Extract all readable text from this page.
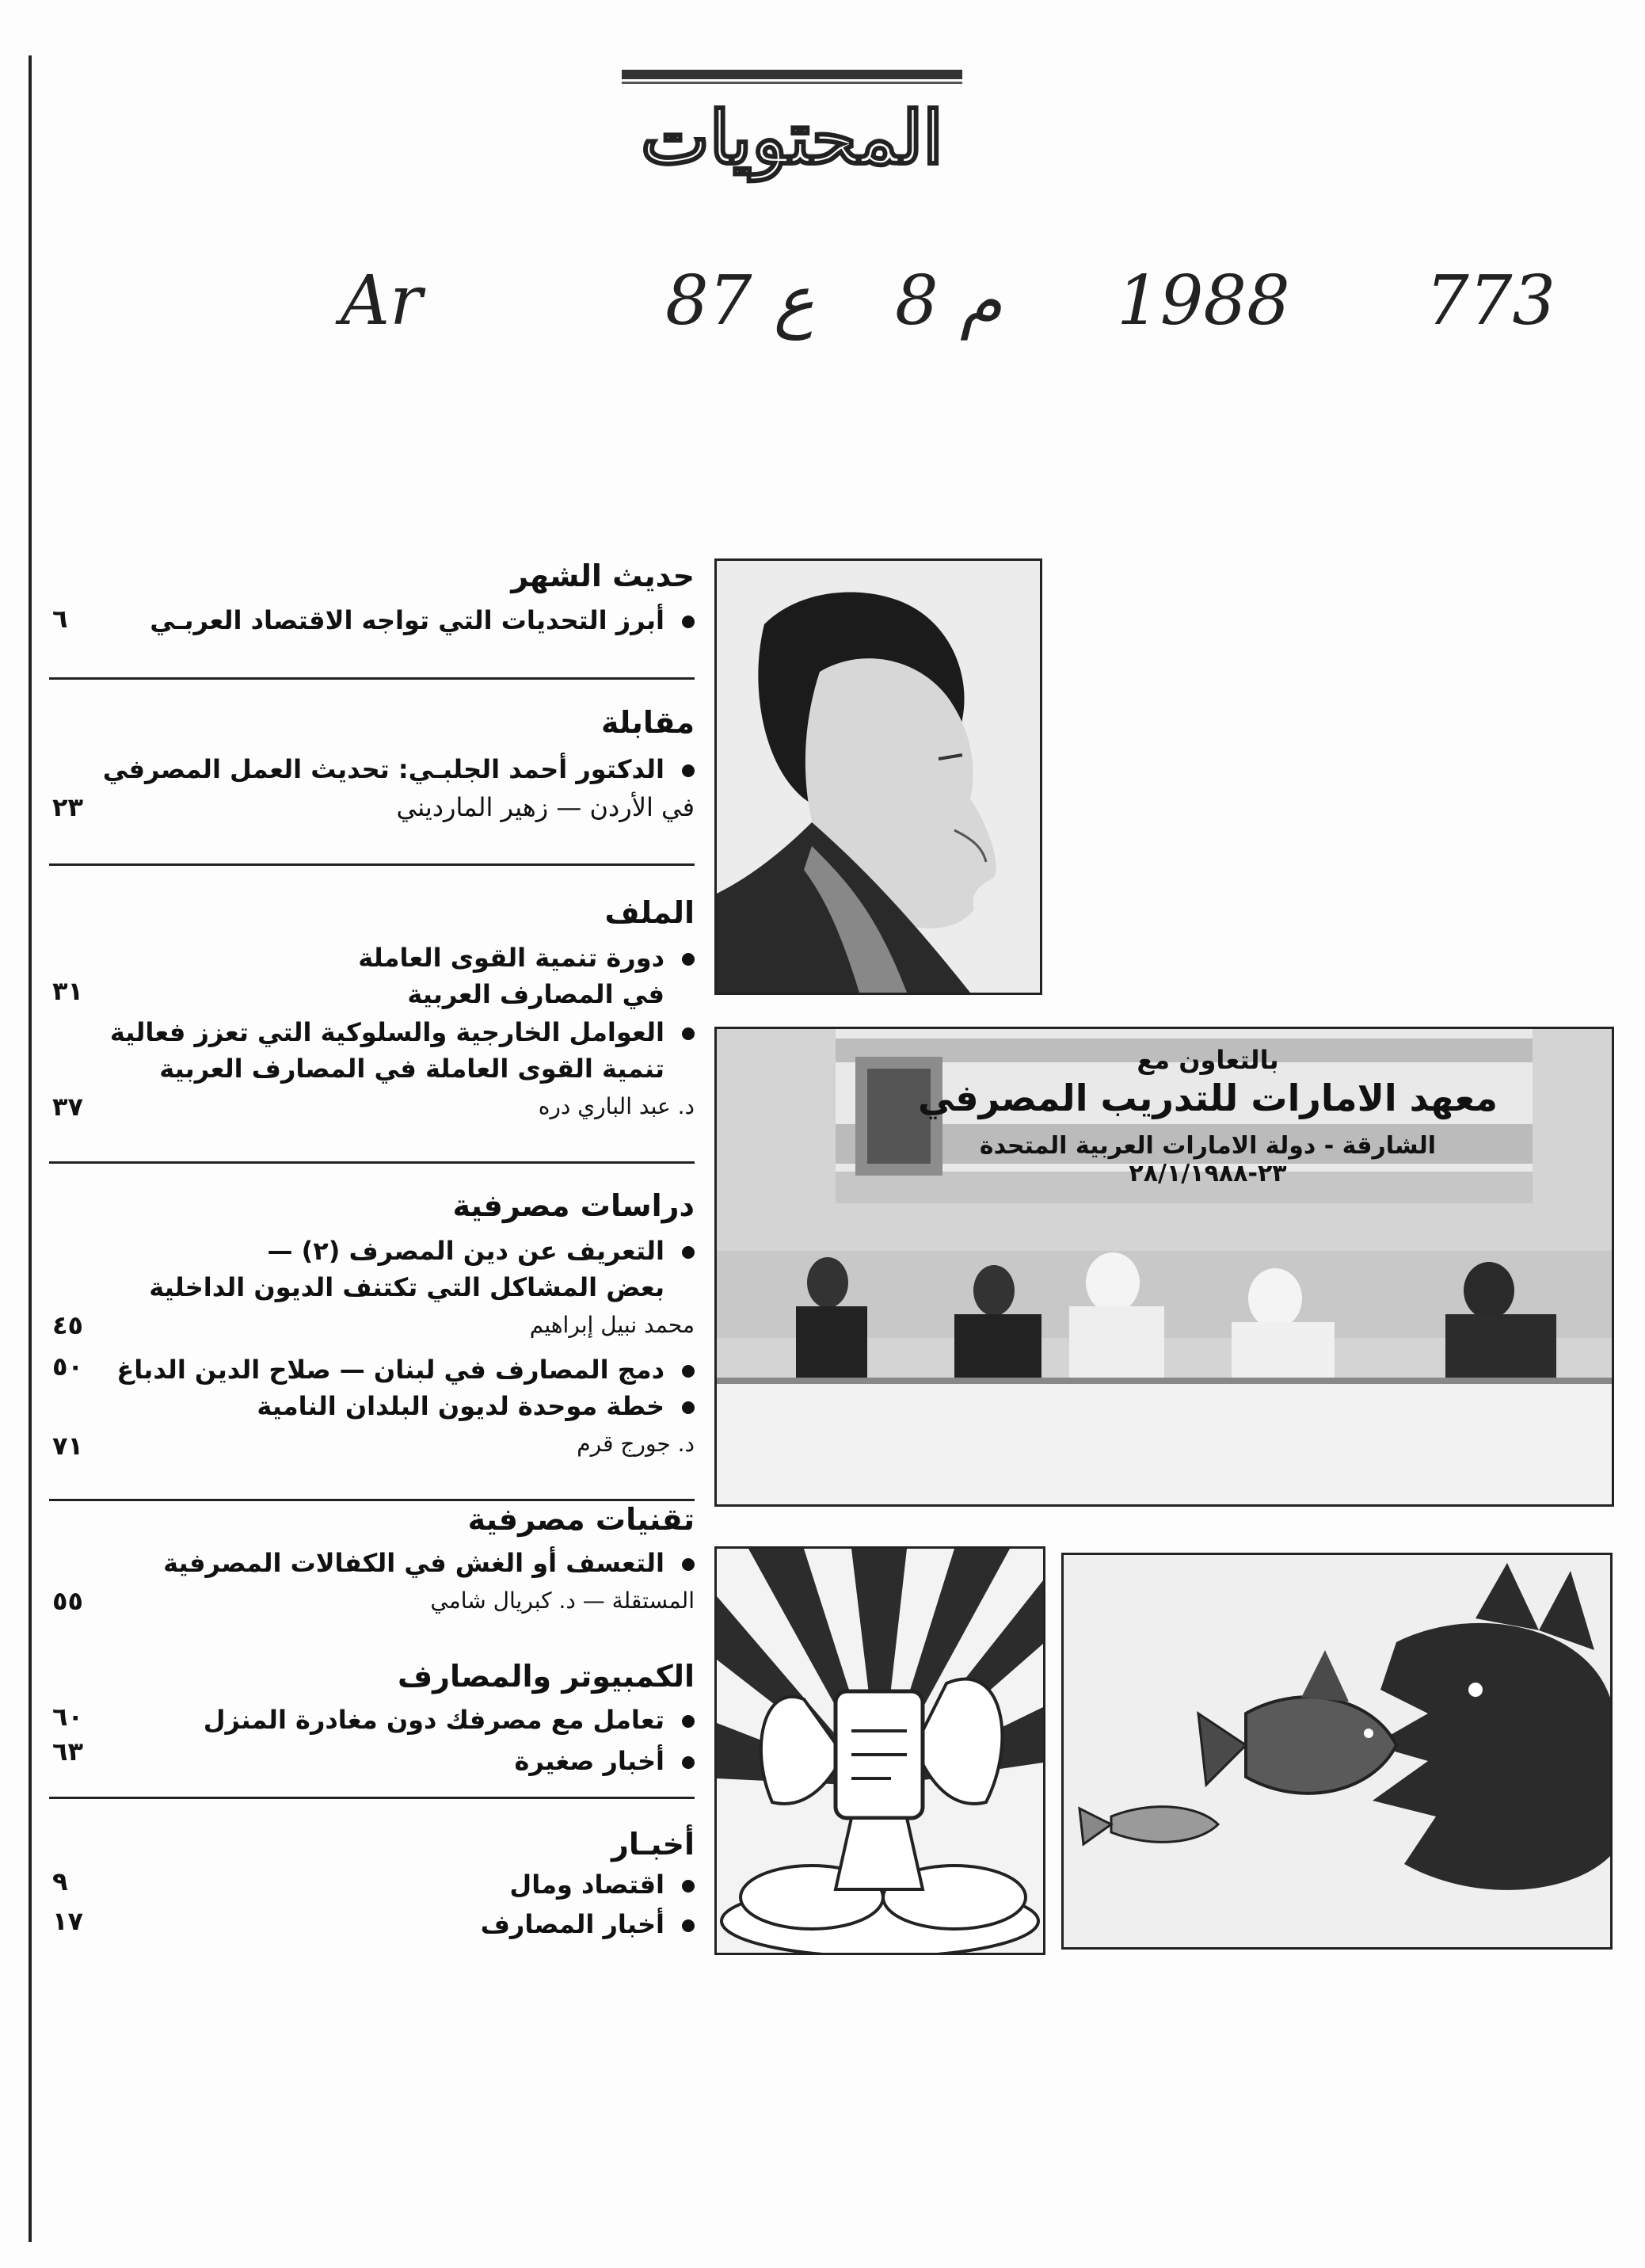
المحتويات
Ar	87 ع 8 م 1988 773
حديث الشهر
أبرز التحديات التي تواجه الاقتصاد العربـي
٦
مقابلة
الدكتور أحمد الجلبـي: تحديث العمل المصرفي
في الأردن — زهير المارديني
٢٣
الملف
دورة تنمية القوى العاملة
في المصارف العربية
٣١
العوامل الخارجية والسلوكية التي تعزز فعالية
تنمية القوى العاملة في المصارف العربية
د. عبد الباري دره
٣٧
دراسات مصرفية
التعريف عن دين المصرف (٢) —
بعض المشاكل التي تكتنف الديون الداخلية
محمد نبيل إبراهيم
٤٥
دمج المصارف في لبنان — صلاح الدين الدباغ
٥٠
خطة موحدة لديون البلدان النامية
د. جورج قرم
٧١
تقنيات مصرفية
التعسف أو الغش في الكفالات المصرفية
المستقلة — د. كبريال شامي
٥٥
الكمبيوتر والمصارف
تعامل مع مصرفك دون مغادرة المنزل
٦٠
أخبار صغيرة
٦٣
أخبـار
اقتصاد ومال
٩
أخبار المصارف
١٧
بالتعاون مع
معهد الامارات للتدريب المصرفي
الشارقة - دولة الامارات العربية المتحدة ٢٣-٢٨/١/١٩٨٨
